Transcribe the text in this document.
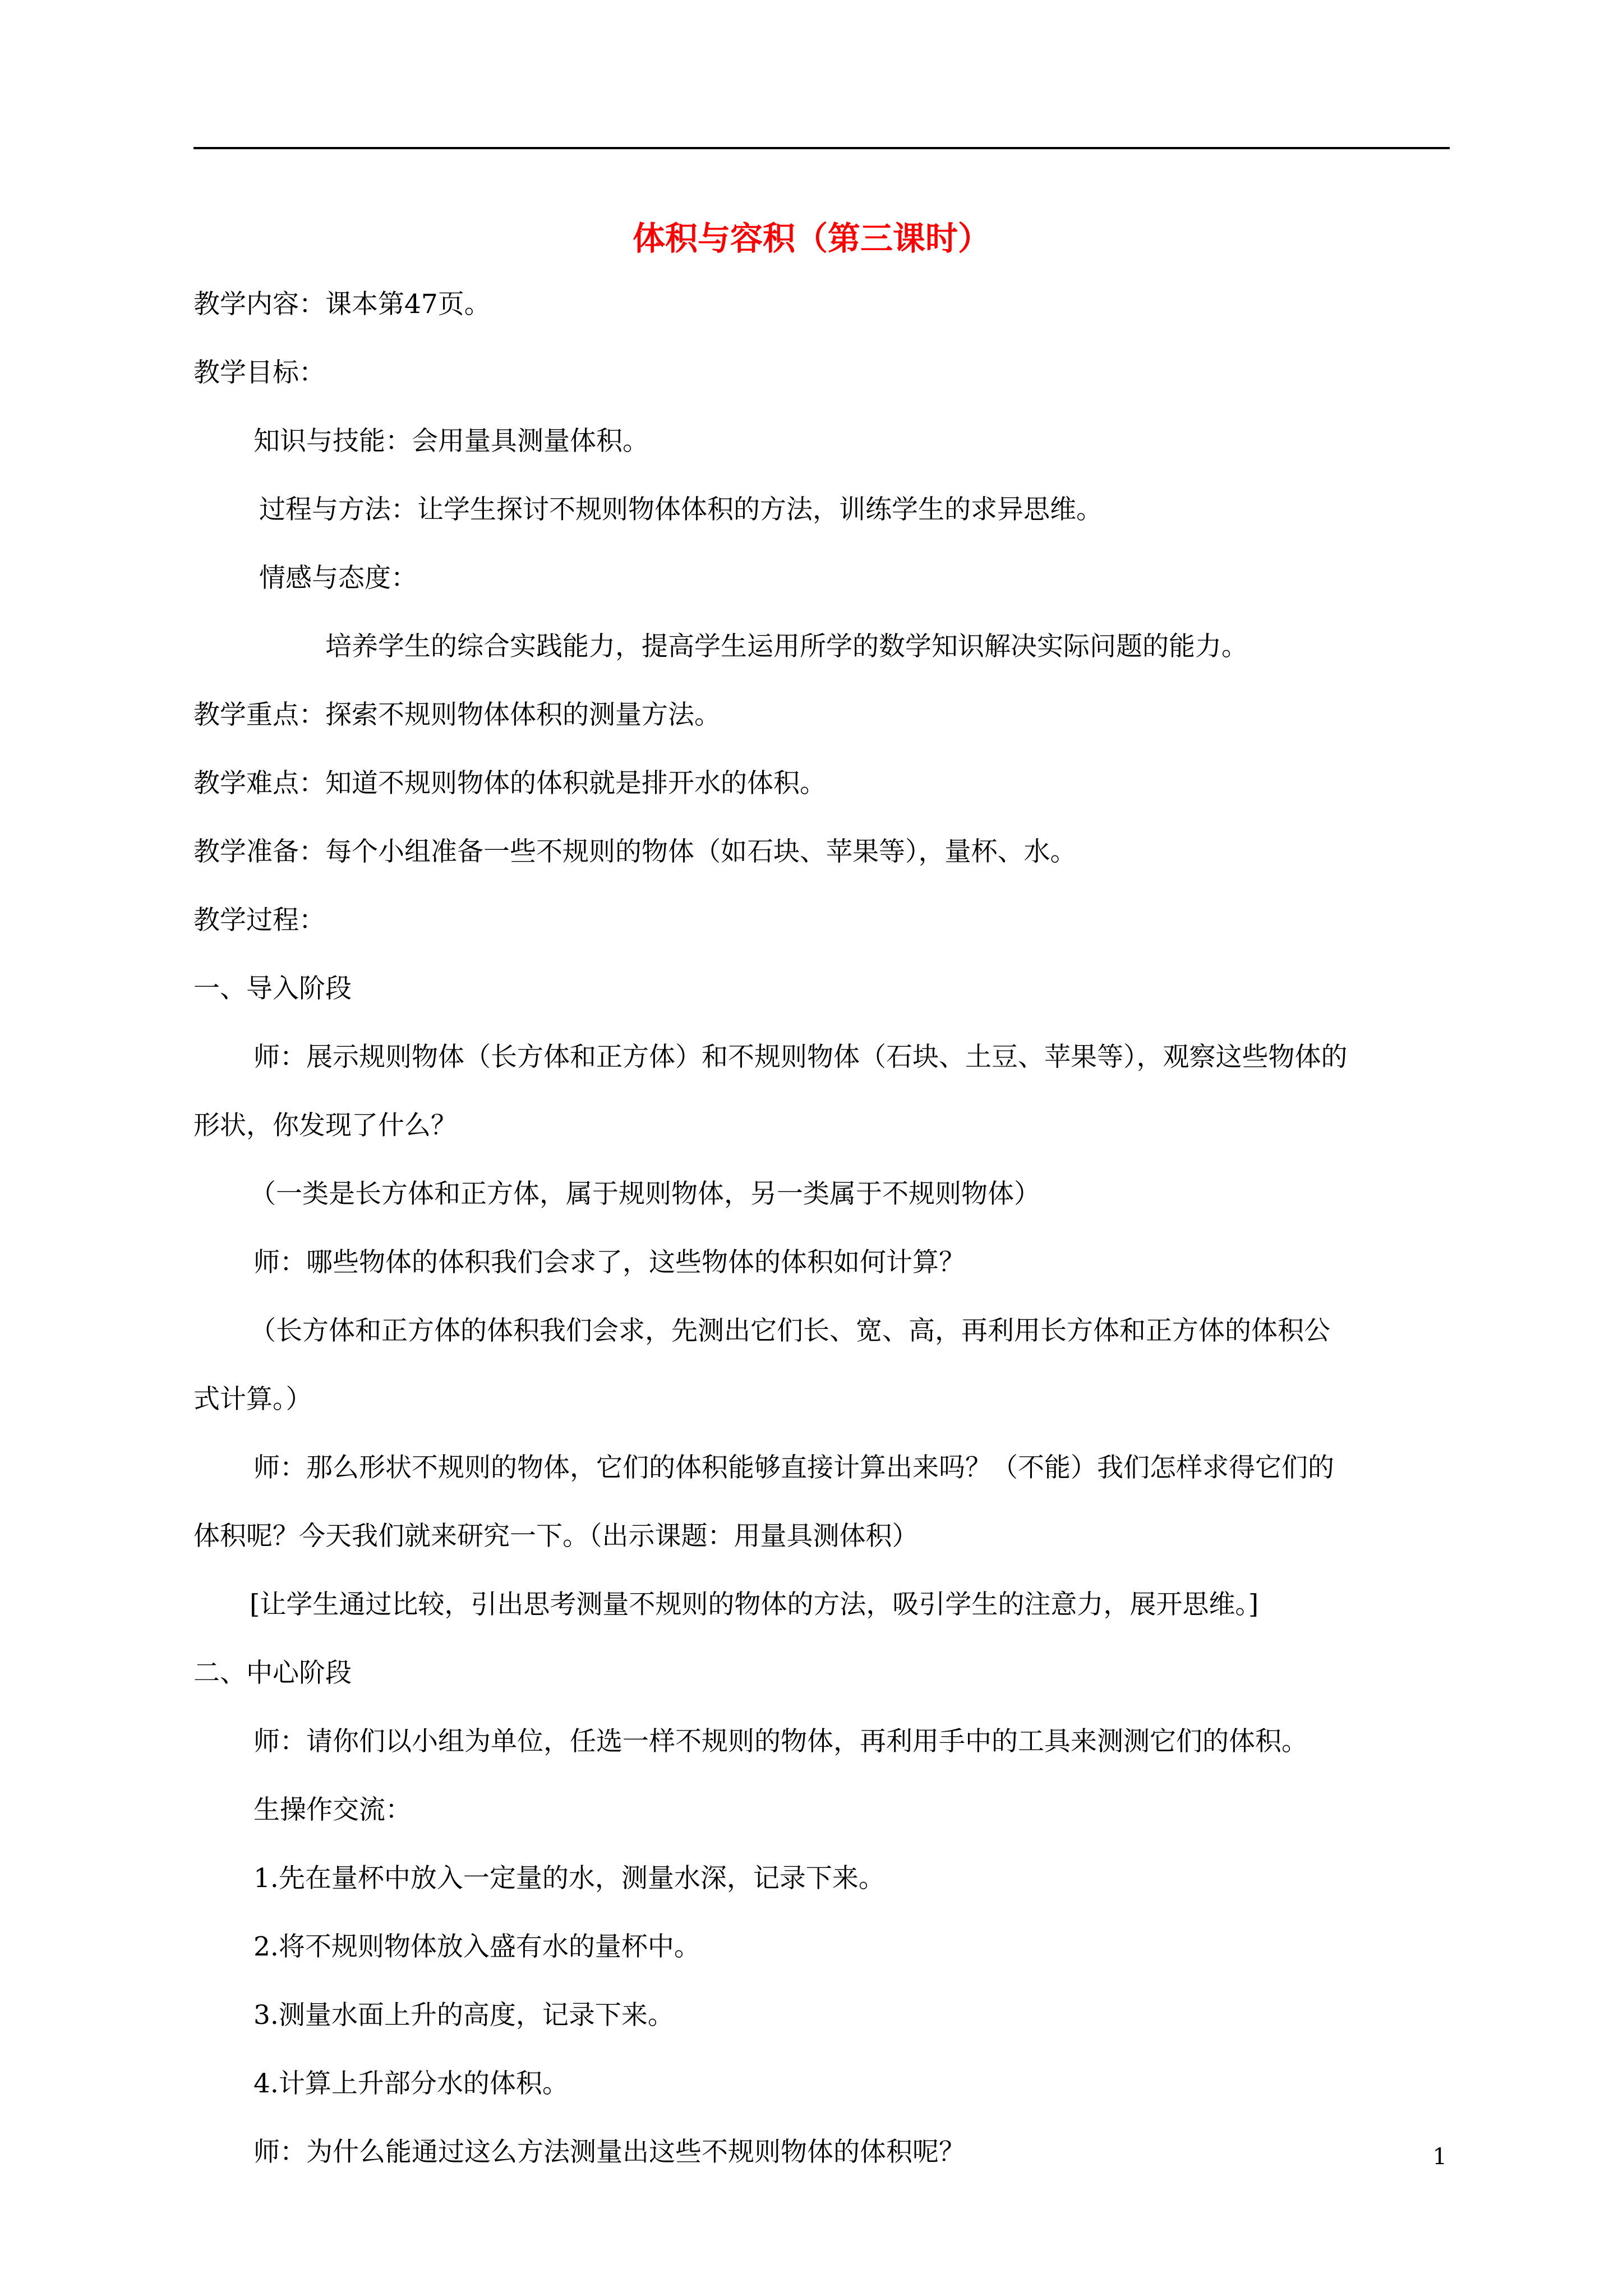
体积与容积（第三课时）
教学内容：课本第47页。
教学目标：
知识与技能：会用量具测量体积。
过程与方法：让学生探讨不规则物体体积的方法，训练学生的求异思维。
情感与态度：
培养学生的综合实践能力，提高学生运用所学的数学知识解决实际问题的能力。
教学重点：探索不规则物体体积的测量方法。
教学难点：知道不规则物体的体积就是排开水的体积。
教学准备：每个小组准备一些不规则的物体（如石块、苹果等），量杯、水。
教学过程：
一、导入阶段
师：展示规则物体（长方体和正方体）和不规则物体（石块、土豆、苹果等），观察这些物体的
形状，你发现了什么？
（一类是长方体和正方体，属于规则物体，另一类属于不规则物体）
师：哪些物体的体积我们会求了，这些物体的体积如何计算？
（长方体和正方体的体积我们会求，先测出它们长、宽、高，再利用长方体和正方体的体积公
式计算。）
师：那么形状不规则的物体，它们的体积能够直接计算出来吗？（不能）我们怎样求得它们的
体积呢？今天我们就来研究一下。（出示课题：用量具测体积）
[让学生通过比较，引出思考测量不规则的物体的方法，吸引学生的注意力，展开思维。]
二、中心阶段
师：请你们以小组为单位，任选一样不规则的物体，再利用手中的工具来测测它们的体积。
生操作交流：
1.先在量杯中放入一定量的水，测量水深，记录下来。
2.将不规则物体放入盛有水的量杯中。
3.测量水面上升的高度，记录下来。
4.计算上升部分水的体积。
师：为什么能通过这么方法测量出这些不规则物体的体积呢？	1
